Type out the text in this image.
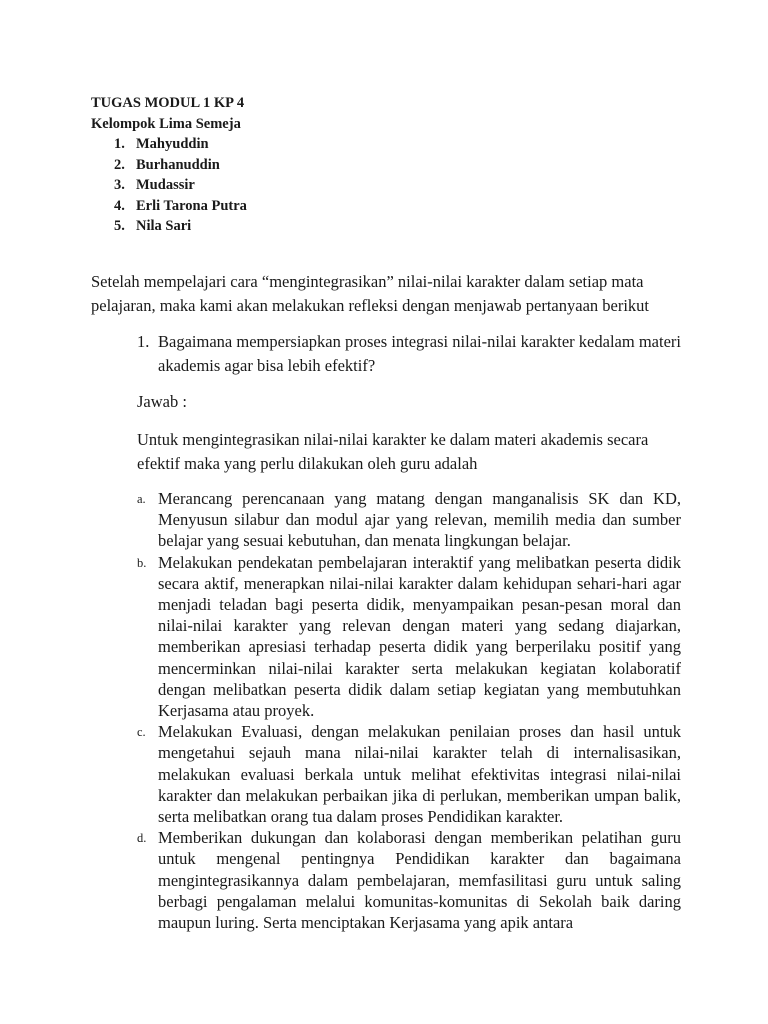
TUGAS MODUL 1 KP 4
Kelompok Lima Semeja
1. Mahyuddin
2. Burhanuddin
3. Mudassir
4. Erli Tarona Putra
5. Nila Sari

Setelah mempelajari cara “mengintegrasikan” nilai-nilai karakter dalam setiap mata pelajaran, maka kami akan melakukan refleksi dengan menjawab pertanyaan berikut

1. Bagaimana mempersiapkan proses integrasi nilai-nilai karakter kedalam materi akademis agar bisa lebih efektif?

Jawab :

Untuk mengintegrasikan nilai-nilai karakter ke dalam materi akademis secara efektif maka yang perlu dilakukan oleh guru adalah

a. Merancang perencanaan yang matang dengan manganalisis SK dan KD, Menyusun silabur dan modul ajar yang relevan, memilih media dan sumber belajar yang sesuai kebutuhan, dan menata lingkungan belajar.
b. Melakukan pendekatan pembelajaran interaktif yang melibatkan peserta didik secara aktif, menerapkan nilai-nilai karakter dalam kehidupan sehari-hari agar menjadi teladan bagi peserta didik, menyampaikan pesan-pesan moral dan nilai-nilai karakter yang relevan dengan materi yang sedang diajarkan, memberikan apresiasi terhadap peserta didik yang berperilaku positif yang mencerminkan nilai-nilai karakter serta melakukan kegiatan kolaboratif dengan melibatkan peserta didik dalam setiap kegiatan yang membutuhkan Kerjasama atau proyek.
c. Melakukan Evaluasi, dengan melakukan penilaian proses dan hasil untuk mengetahui sejauh mana nilai-nilai karakter telah di internalisasikan, melakukan evaluasi berkala untuk melihat efektivitas integrasi nilai-nilai karakter dan melakukan perbaikan jika di perlukan, memberikan umpan balik, serta melibatkan orang tua dalam proses Pendidikan karakter.
d. Memberikan dukungan dan kolaborasi dengan memberikan pelatihan guru untuk mengenal pentingnya Pendidikan karakter dan bagaimana mengintegrasikannya dalam pembelajaran, memfasilitasi guru untuk saling berbagi pengalaman melalui komunitas-komunitas di Sekolah baik daring maupun luring. Serta menciptakan Kerjasama yang apik antara
